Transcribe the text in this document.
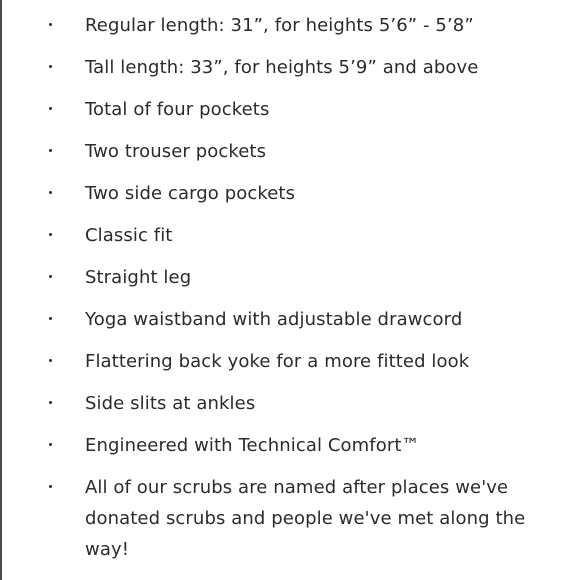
Regular length: 31”, for heights 5’6” - 5’8”
Tall length: 33”, for heights 5’9” and above
Total of four pockets
Two trouser pockets
Two side cargo pockets
Classic fit
Straight leg
Yoga waistband with adjustable drawcord
Flattering back yoke for a more fitted look
Side slits at ankles
Engineered with Technical Comfort™
All of our scrubs are named after places we've donated scrubs and people we've met along the way!
